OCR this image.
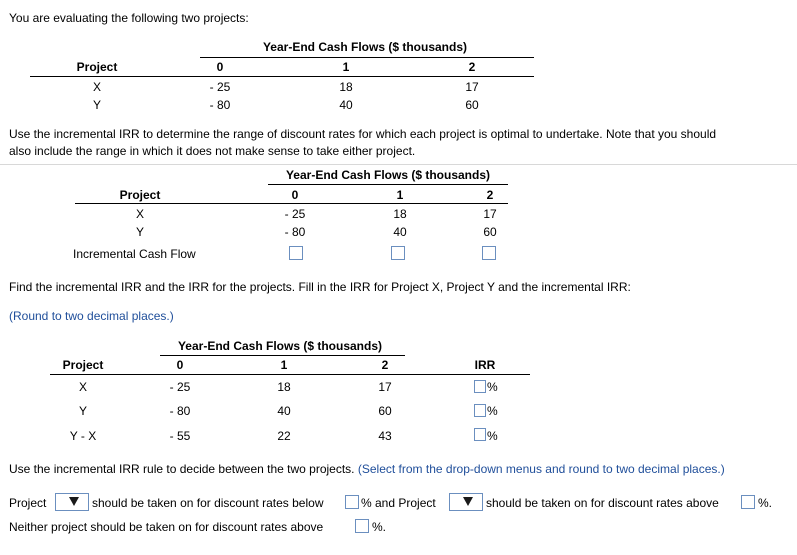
You are evaluating the following two projects:
Year-End Cash Flows ($ thousands)
Project	0	1	2
X	- 25	18	17
Y	- 80	40	60
Use the incremental IRR to determine the range of discount rates for which each project is optimal to undertake. Note that you should
also include the range in which it does not make sense to take either project.
Year-End Cash Flows ($ thousands)
Project	0	1	2
X	- 25	18	17
Y	- 80	40	60
Incremental Cash Flow
Find the incremental IRR and the IRR for the projects. Fill in the IRR for Project X, Project Y and the incremental IRR:
(Round to two decimal places.)
Year-End Cash Flows ($ thousands)
Project	0	1	2	IRR
X	- 25	18	17	%
Y	- 80	40	60	%
Y - X	- 55	22	43	%
Use the incremental IRR rule to decide between the two projects. (Select from the drop-down menus and round to two decimal places.)
Project	should be taken on for discount rates below	% and Project	should be taken on for discount rates above	%.
Neither project should be taken on for discount rates above	%.
